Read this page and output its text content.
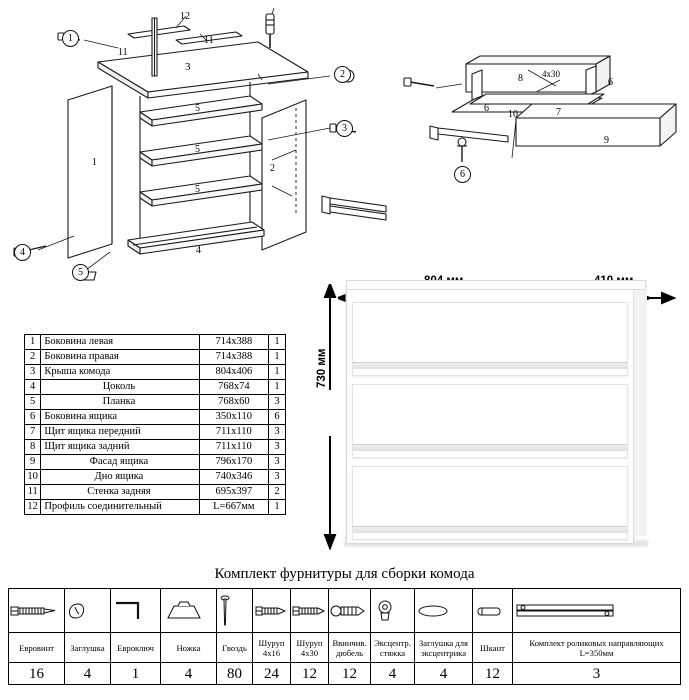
12
11
11
3
5
5
5
1
2
4
8 4х30
6
6
10	7
9
1
2
3
4
5
6
1	Боковина левая	714х388	1
2	Боковина правая	714х388	1
3	Крыша комода	804х406	1
4	Цоколь	768х74	1
5	Планка	768х60	3
6	Боковина ящика	350х110	6
7	Щит ящика передний	711х110	3
8	Щит ящика задний	711х110	3
9	Фасад ящика	796х170	3
10	Дно ящика	740х346	3
11	Стенка задняя	695х397	2
12	Профиль соединительный	L=667мм	1
730 мм
Комплект фурнитуры для сборки комода

Евровинт	Заглушка	Евроключ	Ножка	Гвоздь	Шуруп 4х16	Шуруп 4х30	Ввинчив. дюбель	Эксцентр. стяжка	Заглушка для эксцентрика	Шкант	Комплект роликовых направляющих L=350мм
16	4	1	4	80	24	12	12	4	4	12	3
